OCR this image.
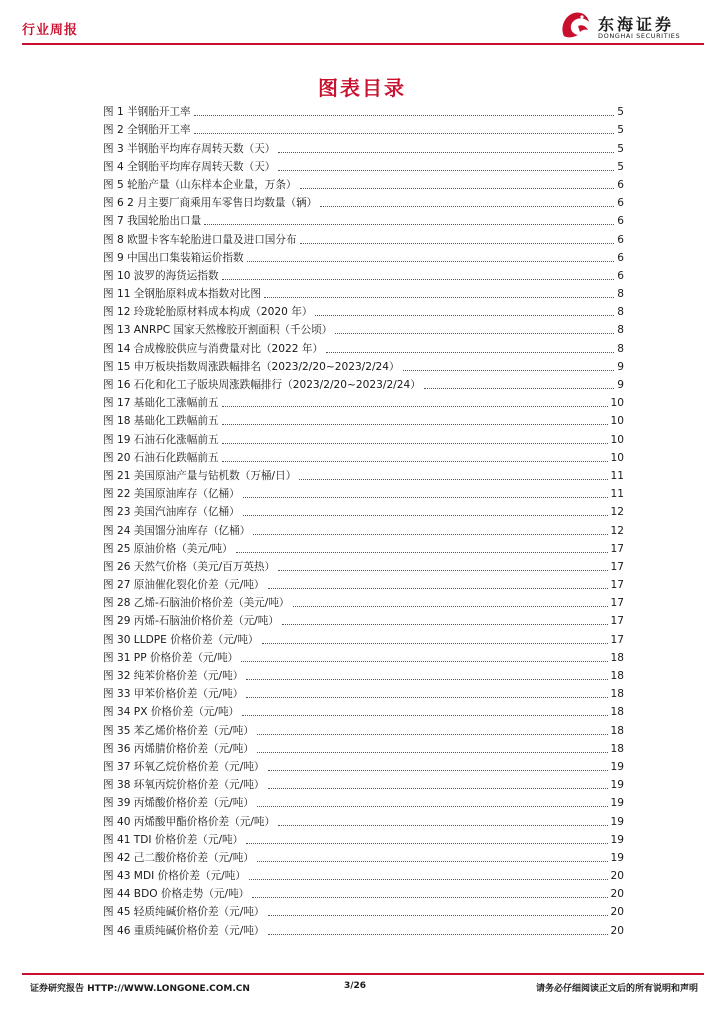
行业周报	东海证券
DONGHAI SECURITIES
图表目录
图 1 半钢胎开工率	5
图 2 全钢胎开工率	5
图 3 半钢胎平均库存周转天数（天）	5
图 4 全钢胎平均库存周转天数（天）	5
图 5 轮胎产量（山东样本企业量，万条）	6
图 6 2 月主要厂商乘用车零售日均数量（辆）	6
图 7 我国轮胎出口量	6
图 8 欧盟卡客车轮胎进口量及进口国分布	6
图 9 中国出口集装箱运价指数	6
图 10 波罗的海货运指数	6
图 11 全钢胎原料成本指数对比图	8
图 12 玲珑轮胎原材料成本构成（2020 年）	8
图 13 ANRPC 国家天然橡胶开割面积（千公顷）	8
图 14 合成橡胶供应与消费量对比（2022 年）	8
图 15 申万板块指数周涨跌幅排名（2023/2/20~2023/2/24）	9
图 16 石化和化工子版块周涨跌幅排行（2023/2/20~2023/2/24）	9
图 17 基础化工涨幅前五	10
图 18 基础化工跌幅前五	10
图 19 石油石化涨幅前五	10
图 20 石油石化跌幅前五	10
图 21 美国原油产量与钻机数（万桶/日）	11
图 22 美国原油库存（亿桶）	11
图 23 美国汽油库存（亿桶）	12
图 24 美国馏分油库存（亿桶）	12
图 25 原油价格（美元/吨）	17
图 26 天然气价格（美元/百万英热）	17
图 27 原油催化裂化价差（元/吨）	17
图 28 乙烯-石脑油价格价差（美元/吨）	17
图 29 丙烯-石脑油价格价差（元/吨）	17
图 30 LLDPE 价格价差（元/吨）	17
图 31 PP 价格价差（元/吨）	18
图 32 纯苯价格价差（元/吨）	18
图 33 甲苯价格价差（元/吨）	18
图 34 PX 价格价差（元/吨）	18
图 35 苯乙烯价格价差（元/吨）	18
图 36 丙烯腈价格价差（元/吨）	18
图 37 环氧乙烷价格价差（元/吨）	19
图 38 环氧丙烷价格价差（元/吨）	19
图 39 丙烯酸价格价差（元/吨）	19
图 40 丙烯酸甲酯价格价差（元/吨）	19
图 41 TDI 价格价差（元/吨）	19
图 42 己二酸价格价差（元/吨）	19
图 43 MDI 价格价差（元/吨）	20
图 44 BDO 价格走势（元/吨）	20
图 45 轻质纯碱价格价差（元/吨）	20
图 46 重质纯碱价格价差（元/吨）	20
证券研究报告 HTTP://WWW.LONGONE.COM.CN	3/26	请务必仔细阅读正文后的所有说明和声明
